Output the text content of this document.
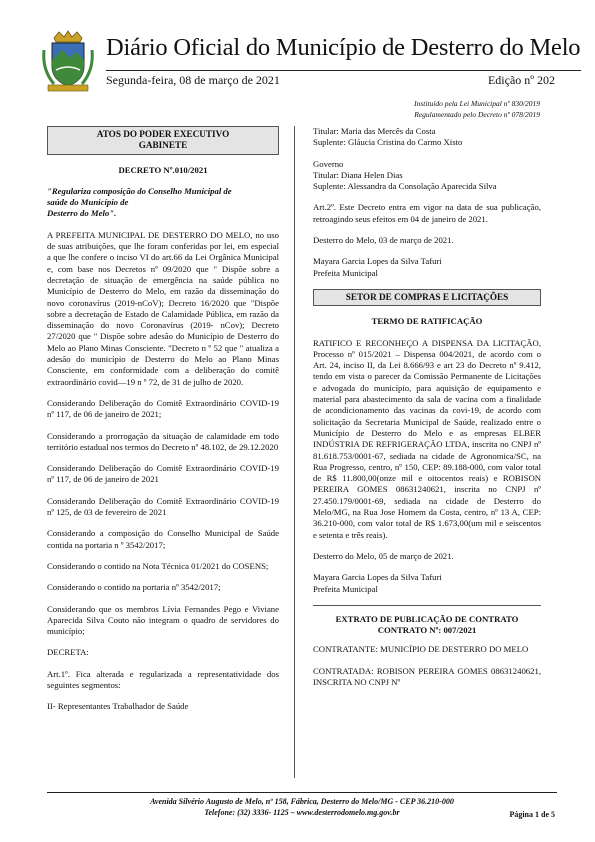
Diário Oficial do Município de Desterro do Melo
Segunda-feira, 08 de março de 2021	Edição nº 202
Instituído pela Lei Municipal nº 830/2019
Regulamentado pelo Decreto nº 078/2019
ATOS DO PODER EXECUTIVO
GABINETE

DECRETO Nº.010/2021

"Regulariza composição do Conselho Municipal de
saúde do Município de
Desterro do Melo".

A PREFEITA MUNICIPAL DE DESTERRO DO MELO, no uso de suas atribuições, que lhe foram conferidas por lei, em especial a que lhe confere o inciso VI do art.66 da Lei Orgânica Municipal e, com base nos Decretos nº 09/2020 que " Dispõe sobre a decretação de situação de emergência na saúde pública no Município de Desterro do Melo, em razão da disseminação do novo coronavírus (2019-nCoV); Decreto 16/2020 que "Dispõe sobre a decretação de Estado de Calamidade Pública, em razão da disseminação do novo Coronavírus (2019- nCov); Decreto 27/2020 que " Dispõe sobre adesão do Município de Desterro do Melo ao Plano Minas Consciente. "Decreto n º 52 que " atualiza a adesão do município de Desterro do Melo ao Plano Minas Consciente, em conformidade com a deliberação do comitê extraordinário covid—19 n º 72, de 31 de julho de 2020.

Considerando Deliberação do Comitê Extraordinário COVID-19 nº 117, de 06 de janeiro de 2021;

Considerando a prorrogação da situação de calamidade em todo território estadual nos termos do Decreto nº 48.102, de 29.12.2020

Considerando Deliberação do Comitê Extraordinário COVID-19 nº 117, de 06 de janeiro de 2021

Considerando Deliberação do Comitê Extraordinário COVID-19 nº 125, de 03 de fevereiro de 2021

Considerando a composição do Conselho Municipal de Saúde contida na portaria n º 3542/2017;

Considerando o contido na Nota Técnica 01/2021 do COSENS;

Considerando o contido na portaria nº 3542/2017;

Considerando que os membros Lívia Fernandes Pego e Viviane Aparecida Silva Couto não integram o quadro de servidores do município;

DECRETA:

Art.1º. Fica alterada e regularizada a representatividade dos seguintes segmentos:

II- Representantes Trabalhador de Saúde

Titular: Maria das Mercês da Costa

Suplente: Gláucia Cristina do Carmo Xisto

Governo

Titular: Diana Helen Dias

Suplente: Alessandra da Consolação Aparecida Silva

Art.2º. Este Decreto entra em vigor na data de sua publicação, retroagindo seus efeitos em 04 de janeiro de 2021.

Desterro do Melo, 03 de março de 2021.

Mayara Garcia Lopes da Silva Tafuri

Prefeita Municipal

SETOR DE COMPRAS E LICITAÇÕES

TERMO DE RATIFICAÇÃO

RATIFICO E RECONHEÇO A DISPENSA DA LICITAÇÃO, Processo nº 015/2021 – Dispensa 004/2021, de acordo com o Art. 24, inciso II, da Lei 8.666/93 e art 23 do Decreto nº 9.412, tendo em vista o parecer da Comissão Permanente de Licitações e advogada do município, para aquisição de equipamento e material para abastecimento da sala de vacina com a finalidade de acondicionamento das vacinas da covi-19, de acordo com solicitação da Secretaria Municipal de Saúde, realizado entre o Município de Desterro do Melo e as empresas ELBER INDÚSTRIA DE REFRIGERAÇÃO LTDA, inscrita no CNPJ nº 81.618.753/0001-67, sediada na cidade de Agronomica/SC, na Rua Progresso, centro, nº 150, CEP: 89.188-000, com valor total de R$ 11.800,00(onze mil e oitocentos reais) e ROBISON PEREIRA GOMES 08631240621, inscrita no CNPJ nº 27.450.179/0001-69, sediada na cidade de Desterro do Melo/MG, na Rua Jose Homem da Costa, centro, nº 13 A, CEP: 36.210-000, com valor total de R$ 1.673,00(um mil e seiscentos e setenta e três reais).

Desterro do Melo, 05 de março de 2021.

Mayara Garcia Lopes da Silva Tafuri

Prefeita Municipal

EXTRATO DE PUBLICAÇÃO DE CONTRATO
CONTRATO Nº: 007/2021

CONTRATANTE: MUNICÍPIO DE DESTERRO DO MELO

CONTRATADA: ROBISON PEREIRA GOMES 08631240621, INSCRITA NO CNPJ Nº

Avenida Silvério Augusto de Melo, nº 158, Fábrica, Desterro do Melo/MG - CEP 36.210-000
Telefone: (32) 3336- 1125 – www.desterrodomelo.mg.gov.br	Página 1 de 5
